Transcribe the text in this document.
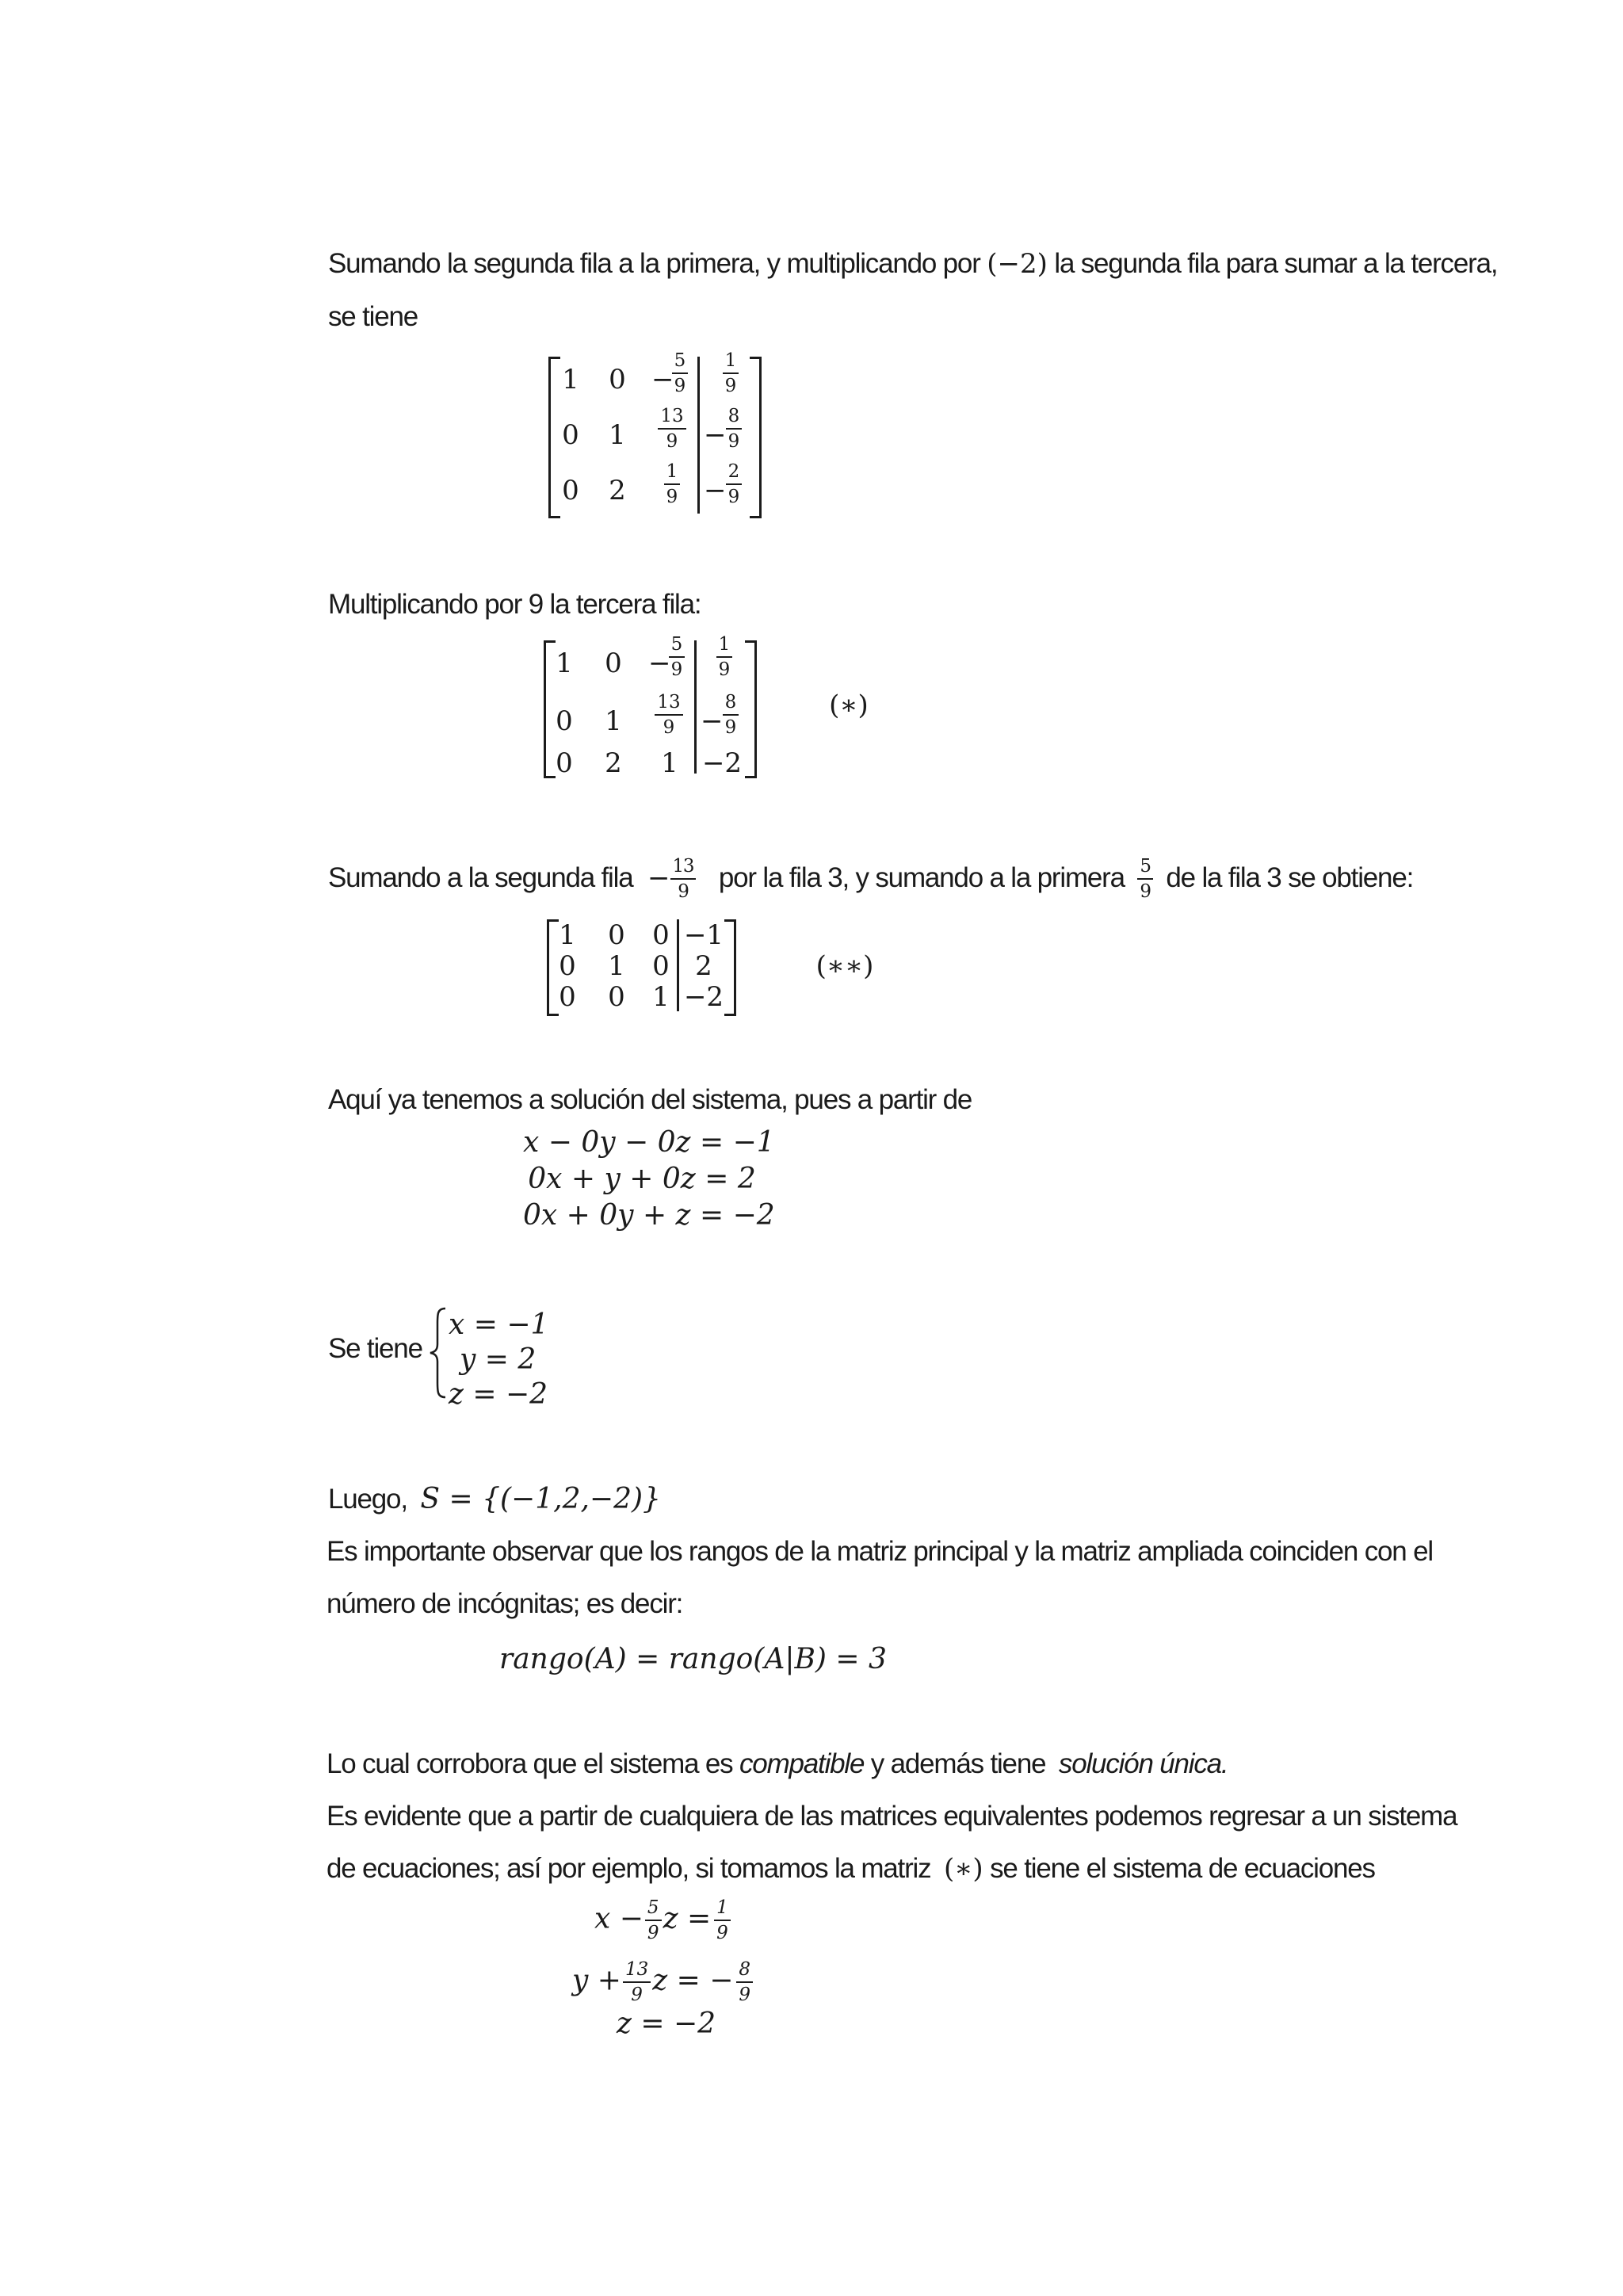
Sumando la segunda fila a la primera, y multiplicando por (−2) la segunda fila para sumar a la tercera,
se tiene
1 0 −
$\frac{5}{9} \frac{1}{9}$
0 $1 \frac{13}{9} - \frac{8}{9}$
0 $2 \frac{1}{9} - \frac{2}{9}$
Multiplicando por 9 la tercera fila:
1 0 −
$\frac{5}{9} \frac{1}{9}$
0 $1 \frac{13}{9} - \frac{8}{9}$
0 2 1 −2
(∗)
Sumando a la segunda fila − $\frac{13}{9}$ por la fila 3, y sumando a la primera $\frac{5}{9}$ de la fila 3 se obtiene:
1 0 0 −1
0 1 0 2
0 0 1 −2
(∗∗)
Aquí ya tenemos a solución del sistema, pues a partir de
x − 0y − 0z = −1
0x + y + 0z = 2
0x + 0y + z = −2
Se tiene
x = −1
y = 2
z = −2
Luego, S = {(−1,2,−2)}
Es importante observar que los rangos de la matriz principal y la matriz ampliada coinciden con el
número de incógnitas; es decir:
rango(A) = rango(A|B) = 3
Lo cual corrobora que el sistema es compatible y además tiene solución única.
Es evidente que a partir de cualquiera de las matrices equivalentes podemos regresar a un sistema
de ecuaciones; así por ejemplo, si tomamos la matriz (∗) se tiene el sistema de ecuaciones
$x - \frac{5}{9}$ $z = \frac{1}{9}$
$y + \frac{13}{9}$ z = − $\frac{8}{9}$
z = −2
